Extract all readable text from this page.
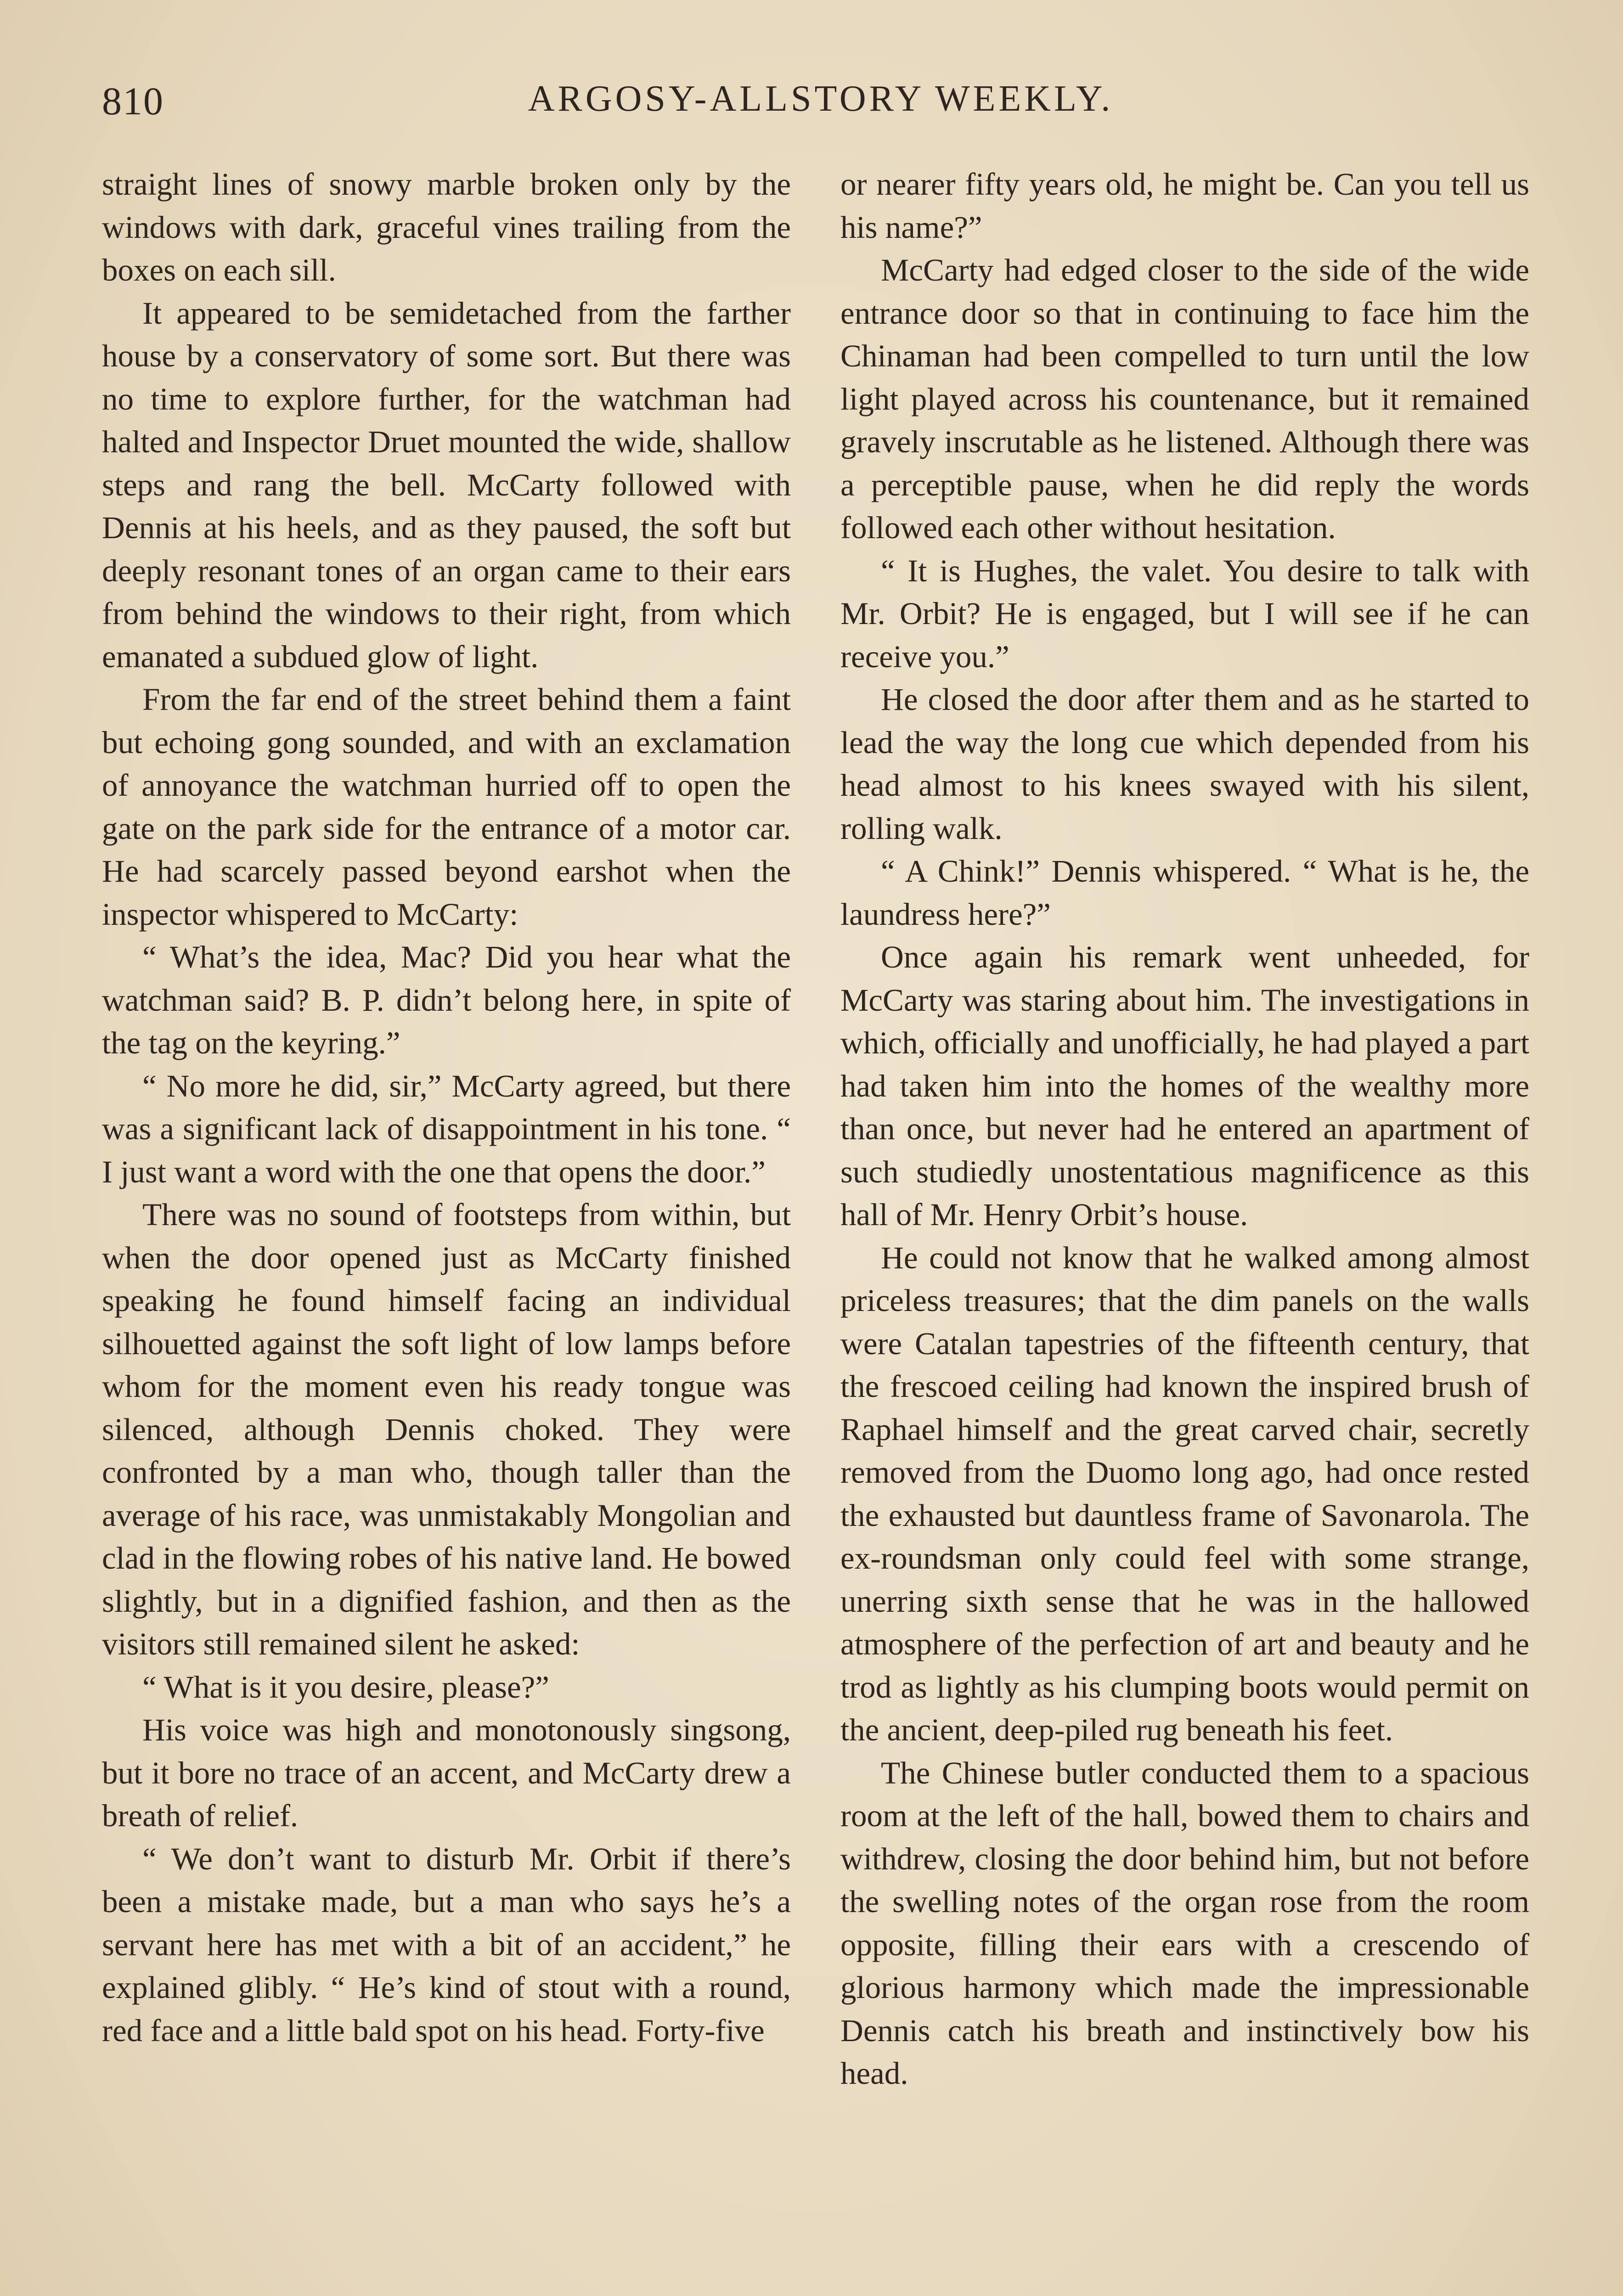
810	ARGOSY-ALLSTORY WEEKLY.

straight lines of snowy marble broken only by the windows with dark, graceful vines trailing from the boxes on each sill.

It appeared to be semidetached from the farther house by a conservatory of some sort. But there was no time to explore further, for the watchman had halted and Inspector Druet mounted the wide, shallow steps and rang the bell. McCarty followed with Dennis at his heels, and as they paused, the soft but deeply resonant tones of an organ came to their ears from behind the windows to their right, from which emanated a subdued glow of light.

From the far end of the street behind them a faint but echoing gong sounded, and with an exclamation of annoyance the watchman hurried off to open the gate on the park side for the entrance of a motor car. He had scarcely passed beyond earshot when the inspector whispered to McCarty:

“ What’s the idea, Mac? Did you hear what the watchman said? B. P. didn’t belong here, in spite of the tag on the keyring.”

“ No more he did, sir,” McCarty agreed, but there was a significant lack of disappointment in his tone. “ I just want a word with the one that opens the door.”

There was no sound of footsteps from within, but when the door opened just as McCarty finished speaking he found himself facing an individual silhouetted against the soft light of low lamps before whom for the moment even his ready tongue was silenced, although Dennis choked. They were confronted by a man who, though taller than the average of his race, was unmistakably Mongolian and clad in the flowing robes of his native land. He bowed slightly, but in a dignified fashion, and then as the visitors still remained silent he asked:

“ What is it you desire, please?”

His voice was high and monotonously singsong, but it bore no trace of an accent, and McCarty drew a breath of relief.

“ We don’t want to disturb Mr. Orbit if there’s been a mistake made, but a man who says he’s a servant here has met with a bit of an accident,” he explained glibly. “ He’s kind of stout with a round, red face and a little bald spot on his head. Forty-five

or nearer fifty years old, he might be. Can you tell us his name?”

McCarty had edged closer to the side of the wide entrance door so that in continuing to face him the Chinaman had been compelled to turn until the low light played across his countenance, but it remained gravely inscrutable as he listened. Although there was a perceptible pause, when he did reply the words followed each other without hesitation.

“ It is Hughes, the valet. You desire to talk with Mr. Orbit? He is engaged, but I will see if he can receive you.”

He closed the door after them and as he started to lead the way the long cue which depended from his head almost to his knees swayed with his silent, rolling walk.

“ A Chink!” Dennis whispered. “ What is he, the laundress here?”

Once again his remark went unheeded, for McCarty was staring about him. The investigations in which, officially and unofficially, he had played a part had taken him into the homes of the wealthy more than once, but never had he entered an apartment of such studiedly unostentatious magnificence as this hall of Mr. Henry Orbit’s house.

He could not know that he walked among almost priceless treasures; that the dim panels on the walls were Catalan tapestries of the fifteenth century, that the frescoed ceiling had known the inspired brush of Raphael himself and the great carved chair, secretly removed from the Duomo long ago, had once rested the exhausted but dauntless frame of Savonarola. The ex-roundsman only could feel with some strange, unerring sixth sense that he was in the hallowed atmosphere of the perfection of art and beauty and he trod as lightly as his clumping boots would permit on the ancient, deep-piled rug beneath his feet.

The Chinese butler conducted them to a spacious room at the left of the hall, bowed them to chairs and withdrew, closing the door behind him, but not before the swelling notes of the organ rose from the room opposite, filling their ears with a crescendo of glorious harmony which made the impressionable Dennis catch his breath and instinctively bow his head.
